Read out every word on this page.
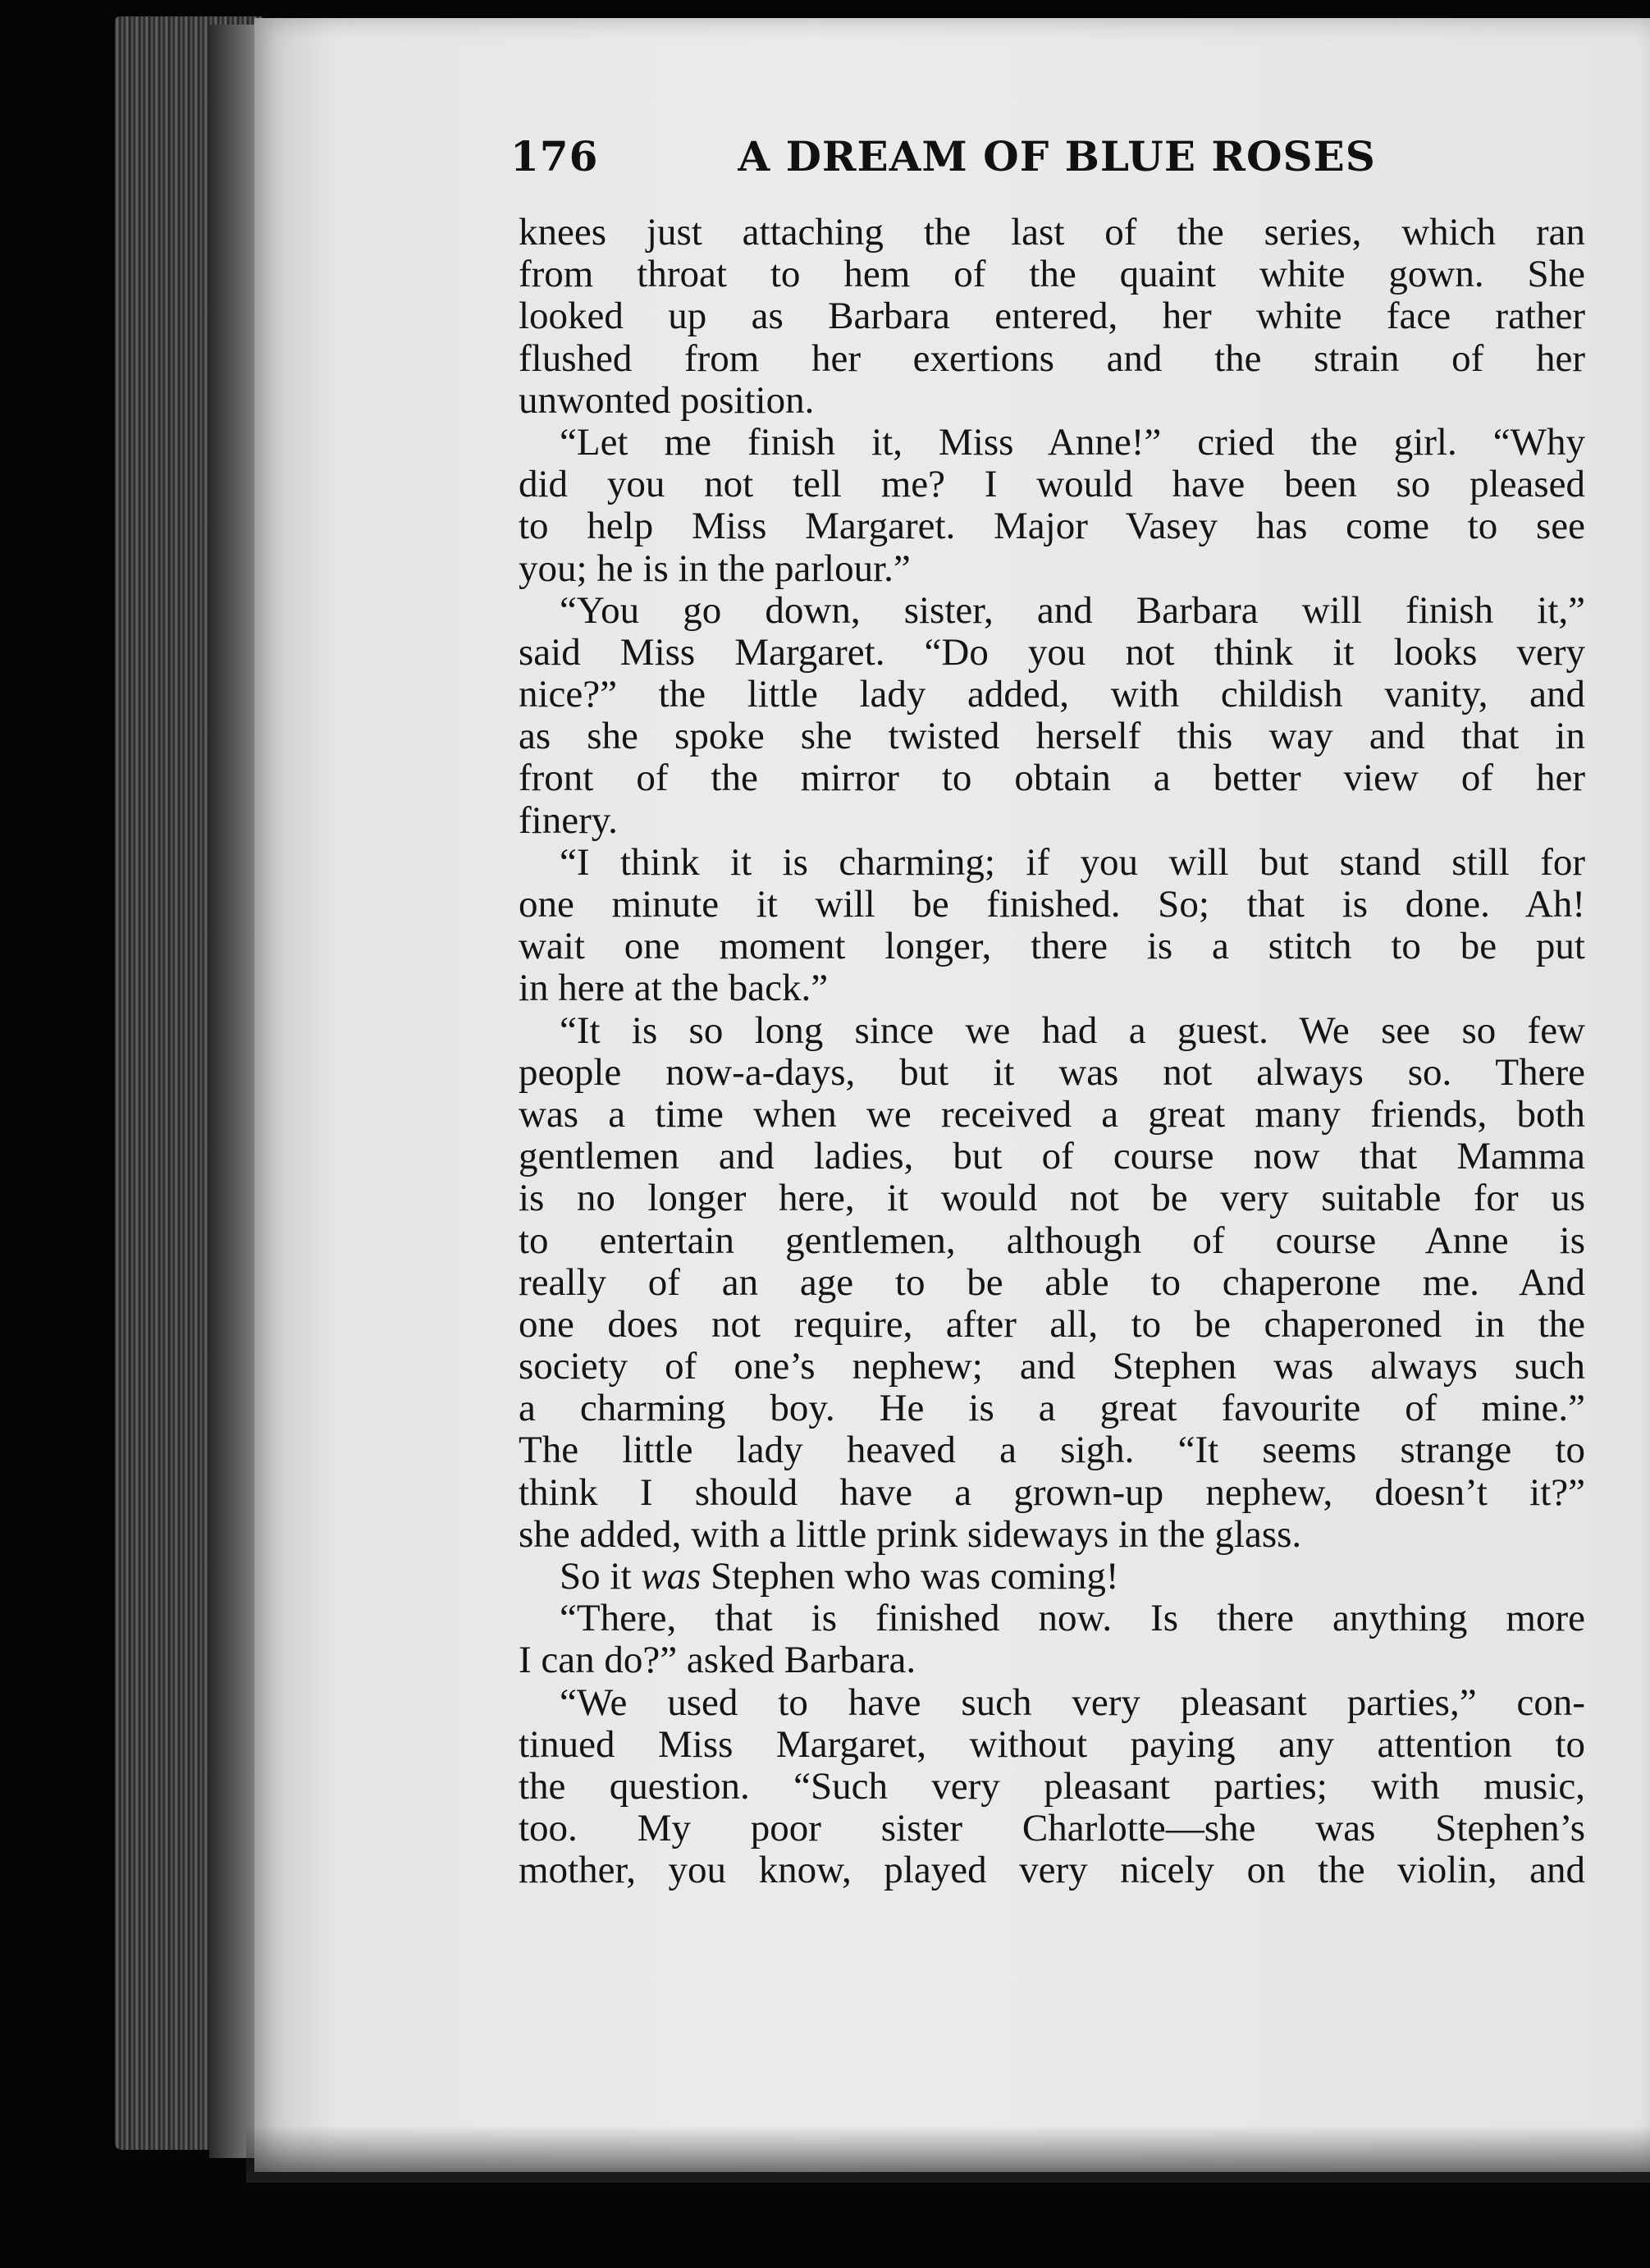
176	A DREAM OF BLUE ROSES
knees just attaching the last of the series, which ran
from throat to hem of the quaint white gown. She
looked up as Barbara entered, her white face rather
flushed from her exertions and the strain of her
unwonted position.
“Let me finish it, Miss Anne!” cried the girl. “Why
did you not tell me? I would have been so pleased
to help Miss Margaret. Major Vasey has come to see
you; he is in the parlour.”
“You go down, sister, and Barbara will finish it,”
said Miss Margaret. “Do you not think it looks very
nice?” the little lady added, with childish vanity, and
as she spoke she twisted herself this way and that in
front of the mirror to obtain a better view of her
finery.
“I think it is charming; if you will but stand still for
one minute it will be finished. So; that is done. Ah!
wait one moment longer, there is a stitch to be put
in here at the back.”
“It is so long since we had a guest. We see so few
people now-a-days, but it was not always so. There
was a time when we received a great many friends, both
gentlemen and ladies, but of course now that Mamma
is no longer here, it would not be very suitable for us
to entertain gentlemen, although of course Anne is
really of an age to be able to chaperone me. And
one does not require, after all, to be chaperoned in the
society of one’s nephew; and Stephen was always such
a charming boy. He is a great favourite of mine.”
The little lady heaved a sigh. “It seems strange to
think I should have a grown-up nephew, doesn’t it?”
she added, with a little prink sideways in the glass.
So it was Stephen who was coming!
“There, that is finished now. Is there anything more
I can do?” asked Barbara.
“We used to have such very pleasant parties,” con-
tinued Miss Margaret, without paying any attention to
the question. “Such very pleasant parties; with music,
too. My poor sister Charlotte—she was Stephen’s
mother, you know, played very nicely on the violin, and
